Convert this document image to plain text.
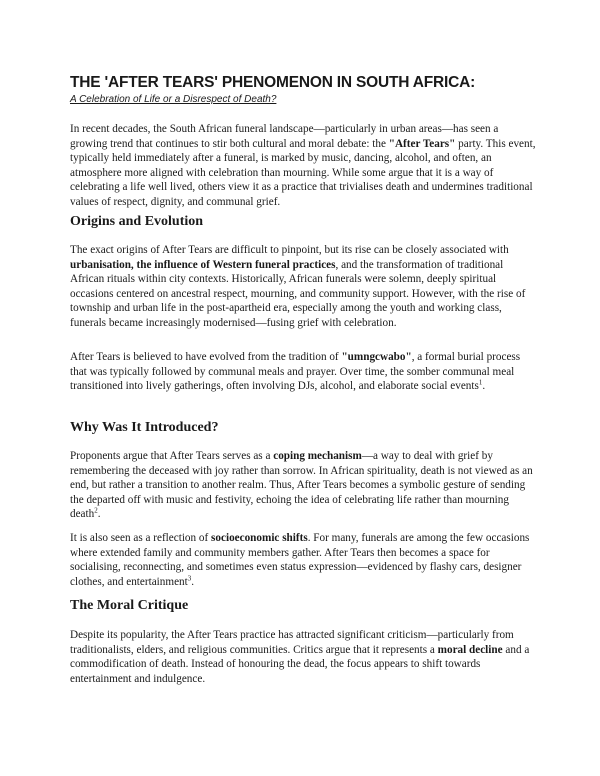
THE 'AFTER TEARS' PHENOMENON IN SOUTH AFRICA:

A Celebration of Life or a Disrespect of Death?

In recent decades, the South African funeral landscape—particularly in urban areas—has seen a growing trend that continues to stir both cultural and moral debate: the "After Tears" party. This event, typically held immediately after a funeral, is marked by music, dancing, alcohol, and often, an atmosphere more aligned with celebration than mourning. While some argue that it is a way of celebrating a life well lived, others view it as a practice that trivialises death and undermines traditional values of respect, dignity, and communal grief.

Origins and Evolution

The exact origins of After Tears are difficult to pinpoint, but its rise can be closely associated with urbanisation, the influence of Western funeral practices, and the transformation of traditional African rituals within city contexts. Historically, African funerals were solemn, deeply spiritual occasions centered on ancestral respect, mourning, and community support. However, with the rise of township and urban life in the post-apartheid era, especially among the youth and working class, funerals became increasingly modernised—fusing grief with celebration.

After Tears is believed to have evolved from the tradition of "umngcwabo", a formal burial process that was typically followed by communal meals and prayer. Over time, the somber communal meal transitioned into lively gatherings, often involving DJs, alcohol, and elaborate social events$^1$.

Why Was It Introduced?

Proponents argue that After Tears serves as a coping mechanism—a way to deal with grief by remembering the deceased with joy rather than sorrow. In African spirituality, death is not viewed as an end, but rather a transition to another realm. Thus, After Tears becomes a symbolic gesture of sending the departed off with music and festivity, echoing the idea of celebrating life rather than mourning death$^2$.

It is also seen as a reflection of socioeconomic shifts. For many, funerals are among the few occasions where extended family and community members gather. After Tears then becomes a space for socialising, reconnecting, and sometimes even status expression—evidenced by flashy cars, designer clothes, and entertainment$^3$.

The Moral Critique

Despite its popularity, the After Tears practice has attracted significant criticism—particularly from traditionalists, elders, and religious communities. Critics argue that it represents a moral decline and a commodification of death. Instead of honouring the dead, the focus appears to shift towards entertainment and indulgence.
